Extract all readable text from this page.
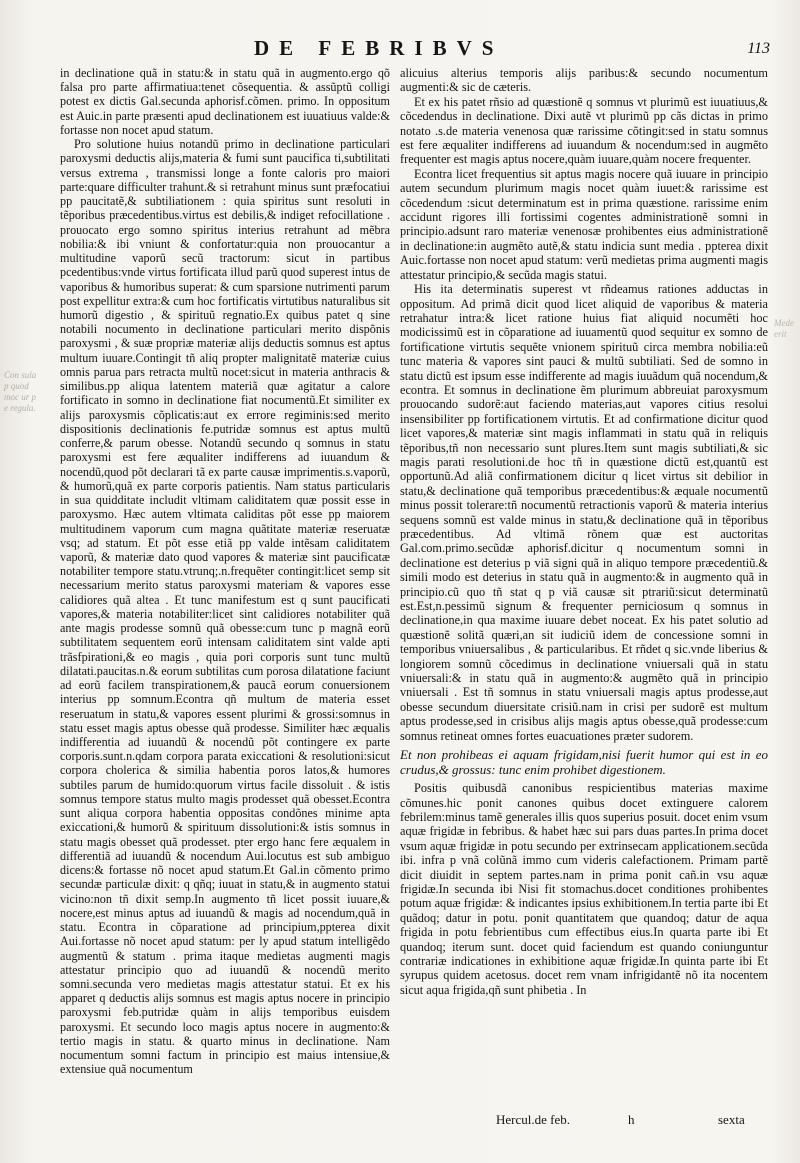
DE FEBRIBVS	113
Con sula
p quod
moc ur p
e regula.
Mede
erit

in declinatione quã in statu:& in statu quã in augmento.ergo qõ falsa pro parte affirmatiua:tenet cõsequentia. & assũptũ colligi potest ex dictis Gal.secunda aphorisf.cõmen. primo. In oppositum est Auic.in parte præsenti apud declinationem est iuuatiuus valde:& fortasse non nocet apud statum.

Pro solutione huius notandũ primo in declinatione particulari paroxysmi deductis alijs,materia & fumi sunt paucifica ti,subtilitati versus extrema , transmissi longe a fonte caloris pro maiori parte:quare difficulter trahunt.& si retrahunt minus sunt præfocatiui pp paucitatẽ,& subtiliationem : quia spiritus sunt resoluti in tẽporibus præcedentibus.virtus est debilis,& indiget refocillatione . prouocato ergo somno spiritus interius retrahunt ad mẽbra nobilia:& ibi vniunt & confortatur:quia non prouocantur a multitudine vaporũ secũ tractorum: sicut in partibus pcedentibus:vnde virtus fortificata illud parũ quod superest intus de vaporibus & humoribus superat: & cum sparsione nutrimenti parum post expellitur extra:& cum hoc fortificatis virtutibus naturalibus sit humorũ digestio , & spirituũ regnatio.Ex quibus patet q sine notabili nocumento in declinatione particulari merito dispõnis paroxysmi , & suæ propriæ materiæ alijs deductis somnus est aptus multum iuuare.Contingit tñ aliq propter malignitatẽ materiæ cuius omnis parua pars retracta multũ nocet:sicut in materia anthracis & similibus.pp aliqua latentem materiã quæ agitatur a calore fortificato in somno in declinatione fiat nocumentũ.Et similiter ex alijs paroxysmis cõplicatis:aut ex errore regiminis:sed merito dispositionis declinationis fe.putridæ somnus est aptus multũ conferre,& parum obesse. Notandũ secundo q somnus in statu paroxysmi est fere æqualiter indifferens ad iuuandum & nocendũ,quod põt declarari tã ex parte causæ imprimentis.s.vaporũ, & humorũ,quã ex parte corporis patientis. Nam status particularis in sua quidditate includit vltimam caliditatem quæ possit esse in paroxysmo. Hæc autem vltimata caliditas põt esse pp maiorem multitudinem vaporum cum magna quãtitate materiæ reseruatæ vsq; ad statum. Et põt esse etiã pp valde intẽsam caliditatem vaporũ, & materiæ dato quod vapores & materiæ sint paucificatæ notabiliter tempore statu.vtrunq;.n.frequẽter contingit:licet semp sit necessarium merito status paroxysmi materiam & vapores esse calidiores quã altea . Et tunc manifestum est q sunt paucificati vapores,& materia notabiliter:licet sint calidiores notabiliter quã ante magis prodesse somnũ quã obesse:cum tunc p magnã eorũ subtilitatem sequentem eorũ intensam caliditatem sint valde apti trãsfpirationi,& eo magis , quia pori corporis sunt tunc multũ dilatati.paucitas.n.& eorum subtilitas cum porosa dilatatione faciunt ad eorũ facilem transpirationem,& paucã eorum conuersionem interius pp somnum.Econtra qñ multum de materia esset reseruatum in statu,& vapores essent plurimi & grossi:somnus in statu esset magis aptus obesse quã prodesse. Similiter hæc æqualis indifferentia ad iuuandũ & nocendũ põt contingere ex parte corporis.sunt.n.qdam corpora parata exiccationi & resolutioni:sicut corpora cholerica & similia habentia poros latos,& humores subtiles parum de humido:quorum virtus facile dissoluit . & istis somnus tempore status multo magis prodesset quã obesset.Econtra sunt aliqua corpora habentia oppositas condõnes minime apta exiccationi,& humorũ & spirituum dissolutioni:& istis somnus in statu magis obesset quã prodesset. pter ergo hanc fere æqualem in differentiã ad iuuandũ & nocendum Aui.locutus est sub ambiguo dicens:& fortasse nõ nocet apud statum.Et Gal.in cõmento primo secundæ particulæ dixit: q qñq; iuuat in statu,& in augmento statui vicino:non tñ dixit semp.In augmento tñ licet possit iuuare,& nocere,est minus aptus ad iuuandũ & magis ad nocendum,quã in statu. Econtra in cõparatione ad principium,ppterea dixit Aui.fortasse nõ nocet apud statum: per ly apud statum intelligẽdo augmentũ & statum . prima itaque medietas augmenti magis attestatur principio quo ad iuuandũ & nocendũ merito somni.secunda vero medietas magis attestatur statui. Et ex his apparet q deductis alijs somnus est magis aptus nocere in principio paroxysmi feb.putridæ quàm in alijs temporibus euisdem paroxysmi. Et secundo loco magis aptus nocere in augmento:& tertio magis in statu. & quarto minus in declinatione. Nam nocumentum somni factum in principio est maius intensiue,& extensiue quã nocumentum

alicuius alterius temporis alijs paribus:& secundo nocumentum augmenti:& sic de cæteris.

Et ex his patet rñsio ad quæstionẽ q somnus vt plurimũ est iuuatiuus,& cõcedendus in declinatione. Dixi autẽ vt plurimũ pp cãs dictas in primo notato .s.de materia venenosa quæ rarissime cõtingit:sed in statu somnus est fere æqualiter indifferens ad iuuandum & nocendum:sed in augmẽto frequenter est magis aptus nocere,quàm iuuare,quàm nocere frequenter.

Econtra licet frequentius sit aptus magis nocere quã iuuare in principio autem secundum plurimum magis nocet quàm iuuet:& rarissime est cõcedendum :sicut determinatum est in prima quæstione. rarissime enim accidunt rigores illi fortissimi cogentes administrationẽ somni in principio.adsunt raro materiæ venenosæ prohibentes eius administrationẽ in declinatione:in augmẽto autẽ,& statu indicia sunt media . ppterea dixit Auic.fortasse non nocet apud statum: verũ medietas prima augmenti magis attestatur principio,& secũda magis statui.

His ita determinatis superest vt rñdeamus rationes adductas in oppositum. Ad primã dicit quod licet aliquid de vaporibus & materia retrahatur intra:& licet ratione huius fiat aliquid nocumẽti hoc modicissimũ est in cõparatione ad iuuamentũ quod sequitur ex somno de fortificatione virtutis sequẽte vnionem spirituũ circa membra nobilia:eũ tunc materia & vapores sint pauci & multũ subtiliati. Sed de somno in statu dictũ est ipsum esse indifferente ad magis iuuãdum quã nocendum,& econtra. Et somnus in declinatione ẽm plurimum abbreuiat paroxysmum prouocando sudorẽ:aut faciendo materias,aut vapores citius resolui insensibiliter pp fortificationem virtutis. Et ad confirmatione dicitur quod licet vapores,& materiæ sint magis inflammati in statu quã in reliquis tẽporibus,tñ non necessario sunt plures.Item sunt magis subtiliati,& sic magis parati resolutioni.de hoc tñ in quæstione dictũ est,quantũ est opportunũ.Ad aliã confirmationem dicitur q licet virtus sit debilior in statu,& declinatione quã temporibus præcedentibus:& æquale nocumentũ minus possit tolerare:tñ nocumentũ retractionis vaporũ & materia interius sequens somnũ est valde minus in statu,& declinatione quã in tẽporibus præcedentibus. Ad vltimã rõnem quæ est auctoritas Gal.com.primo.secũdæ aphorisf.dicitur q nocumentum somni in declinatione est deterius p viã signi quã in aliquo tempore præcedentiũ.& simili modo est deterius in statu quã in augmento:& in augmento quã in principio.cũ quo tñ stat q p viã causæ sit ptrariũ:sicut determinatũ est.Est,n.pessimũ signum & frequenter perniciosum q somnus in declinatione,in qua maxime iuuare debet noceat. Ex his patet solutio ad quæstionẽ solitã quæri,an sit iudiciũ idem de concessione somni in temporibus vniuersalibus , & particularibus. Et rñdet q sic.vnde liberius & longiorem somnũ cõcedimus in declinatione vniuersali quã in statu vniuersali:& in statu quã in augmento:& augmẽto quã in principio vniuersali . Est tñ somnus in statu vniuersali magis aptus prodesse,aut obesse secundum diuersitate crisiũ.nam in crisi per sudorẽ est multum aptus prodesse,sed in crisibus alijs magis aptus obesse,quã prodesse:cum somnus retineat omnes fortes euacuationes præter sudorem.

Et non prohibeas ei aquam frigidam,nisi fuerit humor qui est in eo crudus,& grossus: tunc enim prohibet digestionem.

Positis quibusdã canonibus respicientibus materias maxime cõmunes.hic ponit canones quibus docet extinguere calorem febrilem:minus tamẽ generales illis quos superius posuit. docet enim vsum aquæ frigidæ in febribus. & habet hæc sui pars duas partes.In prima docet vsum aquæ frigidæ in potu secundo per extrinsecam applicationem.secũda ibi. infra p vnã colũnã immo cum videris calefactionem. Primam partẽ dicit diuidit in septem partes.nam in prima ponit cañ.in vsu aquæ frigidæ.In secunda ibi Nisi fit stomachus.docet conditiones prohibentes potum aquæ frigidæ: & indicantes ipsius exhibitionem.In tertia parte ibi Et quãdoq; datur in potu. ponit quantitatem que quandoq; datur de aqua frigida in potu febrientibus cum effectibus eius.In quarta parte ibi Et quandoq; iterum sunt. docet quid faciendum est quando coniunguntur contrariæ indicationes in exhibitione aquæ frigidæ.In quinta parte ibi Et syrupus quidem acetosus. docet rem vnam infrigidantẽ nõ ita nocentem sicut aqua frigida,qñ sunt phibetia . In

Hercul.de feb.	h	sexta
